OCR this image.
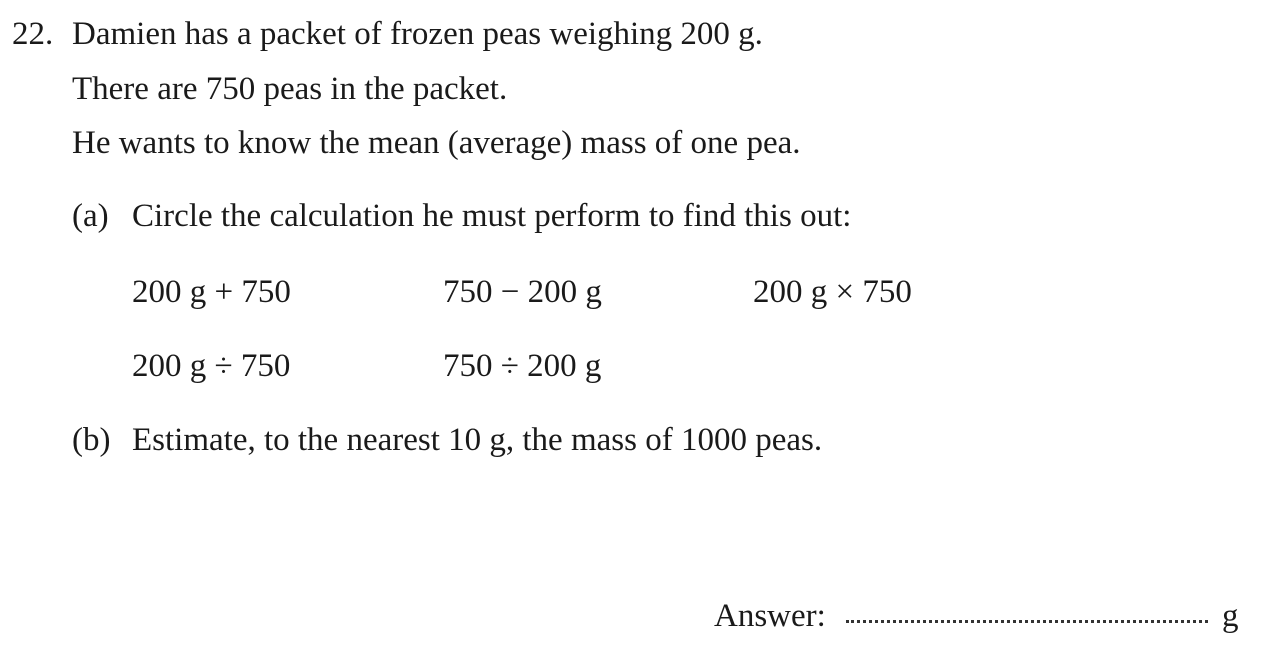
22. Damien has a packet of frozen peas weighing 200 g.
There are 750 peas in the packet.
He wants to know the mean (average) mass of one pea.
(a) Circle the calculation he must perform to find this out:
200 g + 750	750 − 200 g	200 g × 750
200 g ÷ 750	750 ÷ 200 g
(b) Estimate, to the nearest 10 g, the mass of 1000 peas.
Answer:	g
